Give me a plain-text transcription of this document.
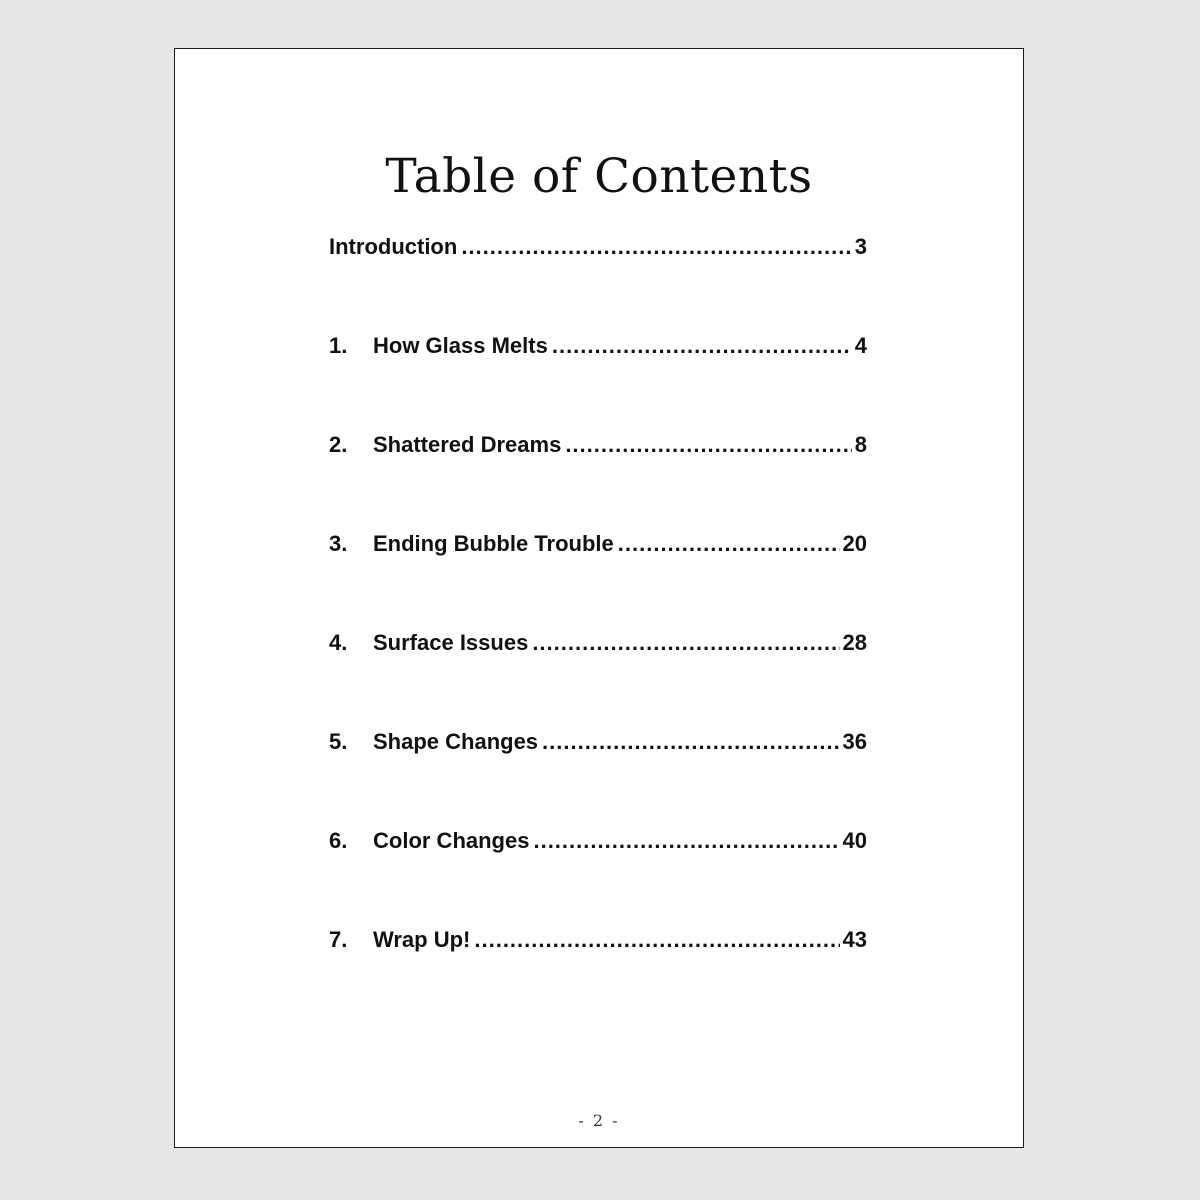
Table of Contents
Introduction .....	3
1.	How Glass Melts .....	4
2.	Shattered Dreams .....	8
3.	Ending Bubble Trouble .....	20
4.	Surface Issues .....	28
5.	Shape Changes .....	36
6.	Color Changes .....	40
7.	Wrap Up! .....	43
- 2 -
